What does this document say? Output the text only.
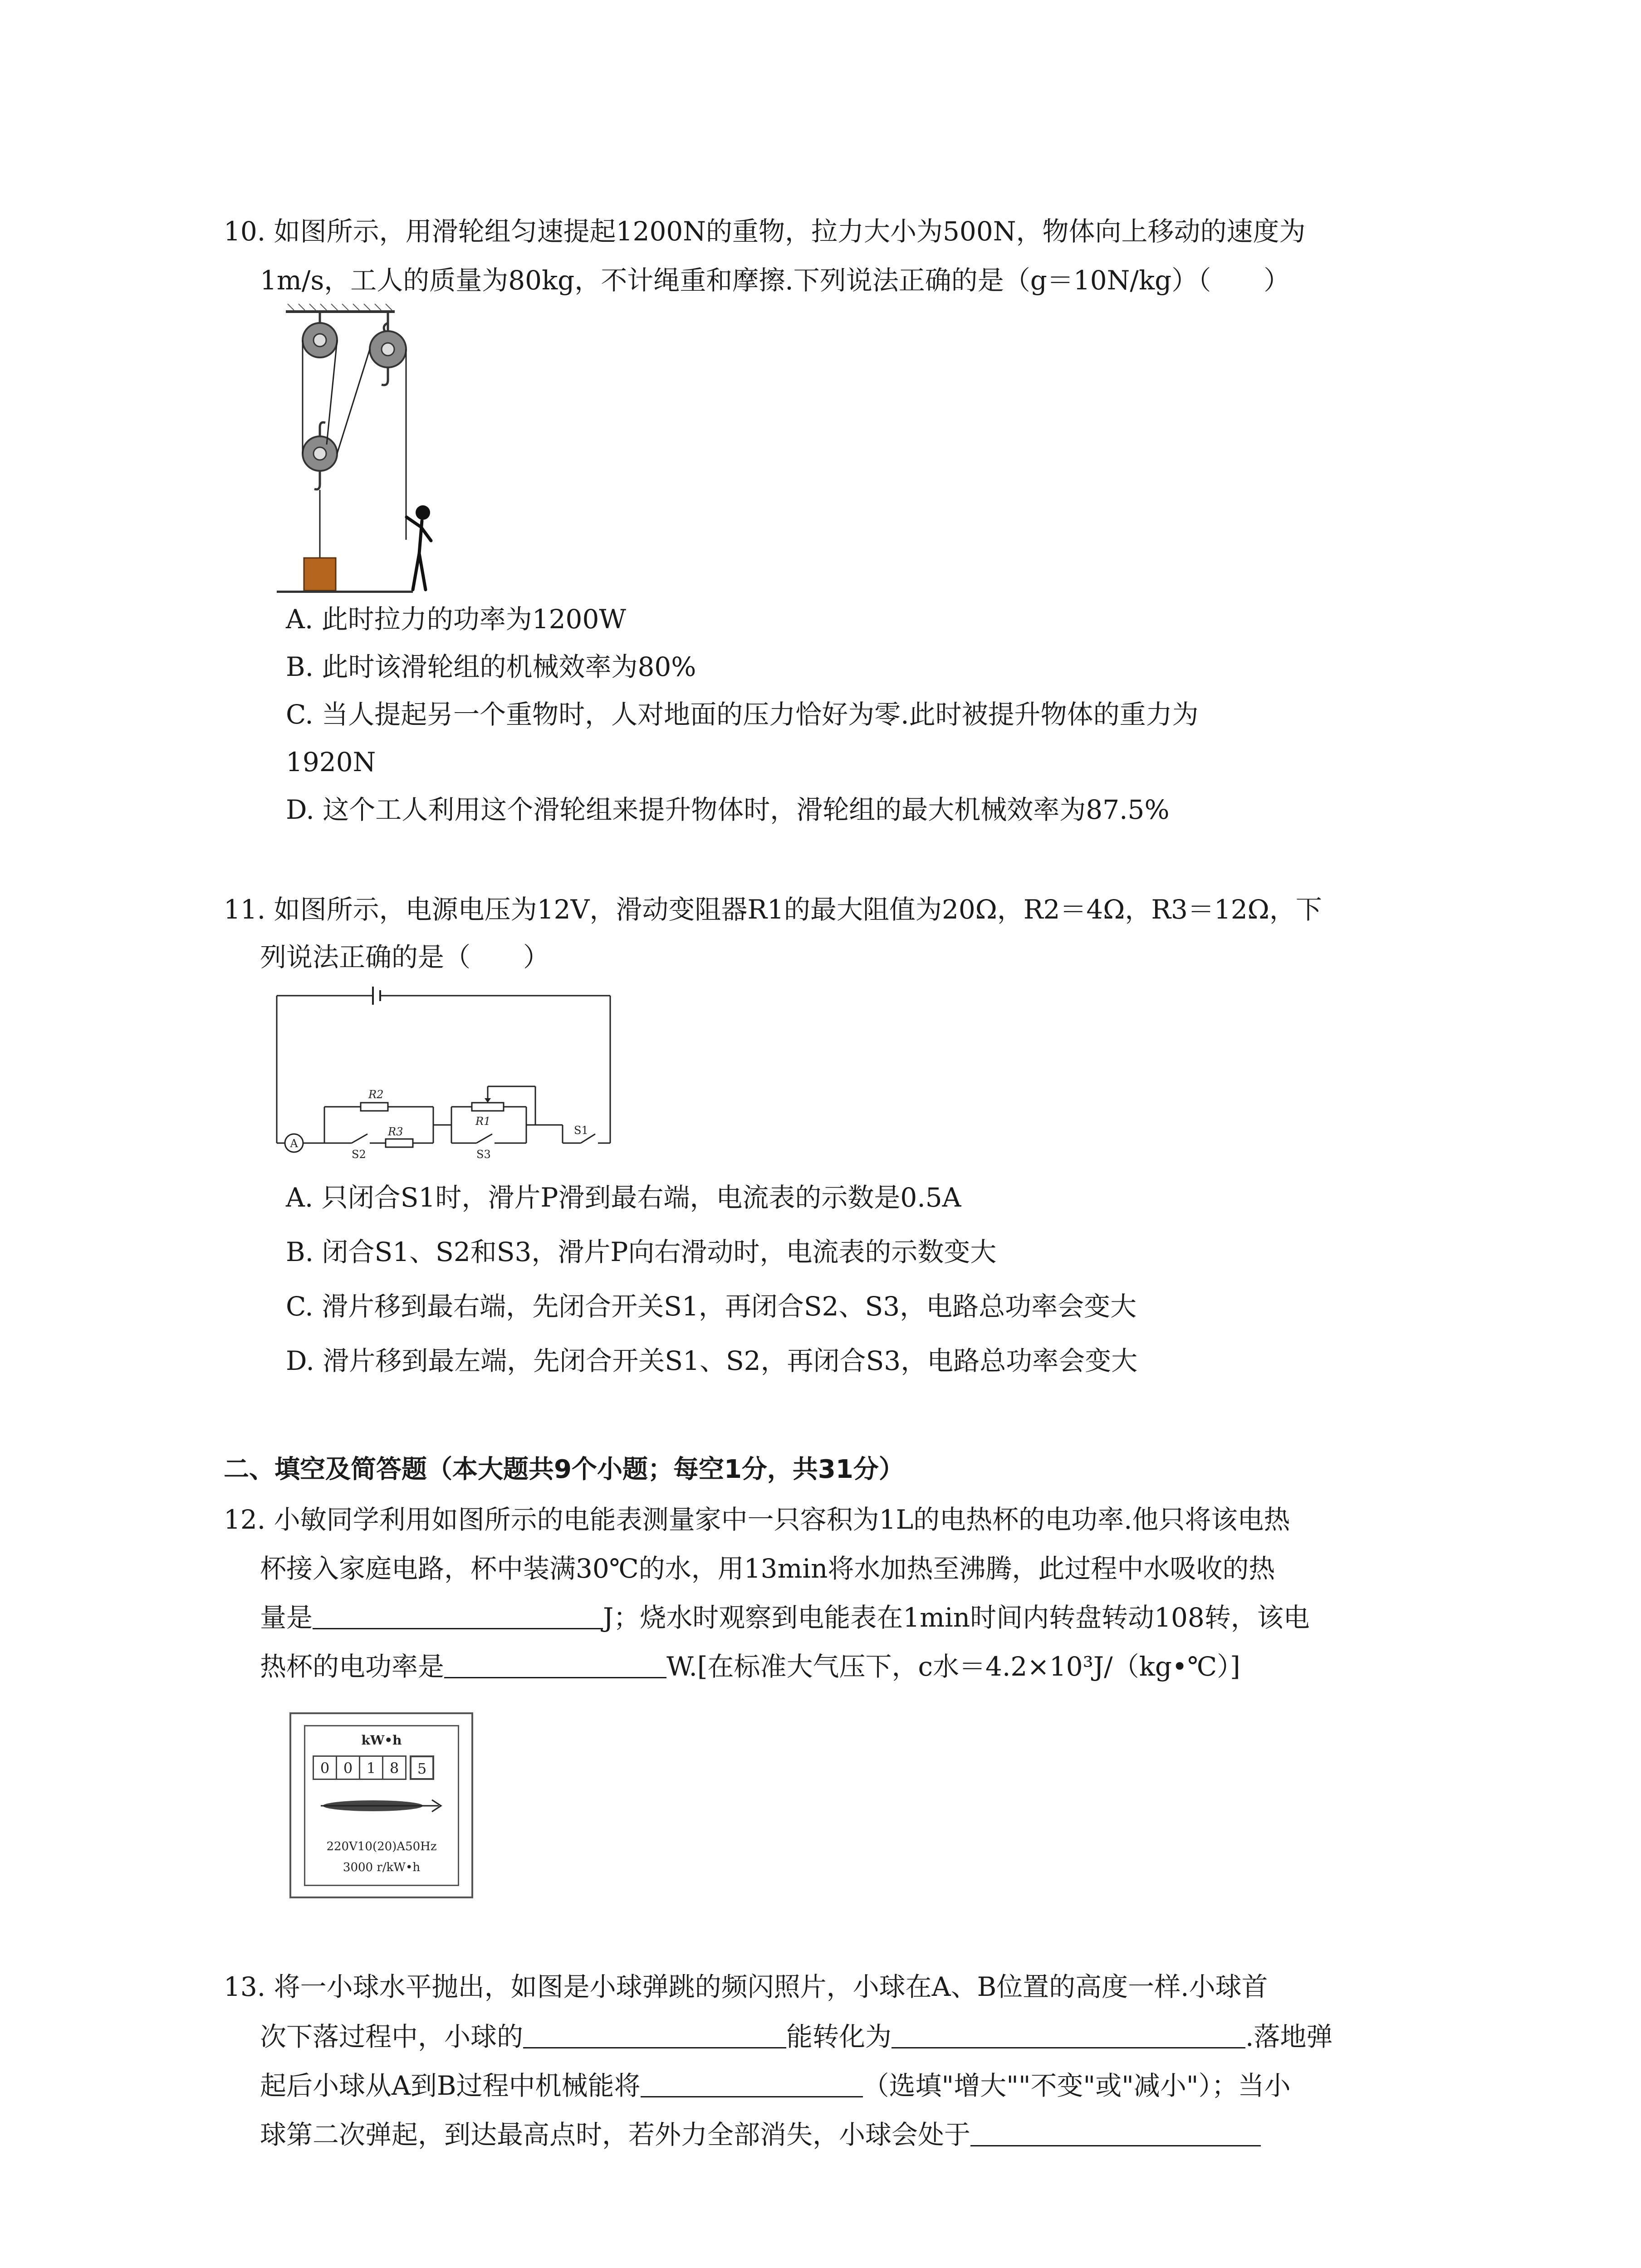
10. 如图所示，用滑轮组匀速提起1200N的重物，拉力大小为500N，物体向上移动的速度为
1m/s，工人的质量为80kg，不计绳重和摩擦.下列说法正确的是（g＝10N/kg）（　　）
A. 此时拉力的功率为1200W
B. 此时该滑轮组的机械效率为80%
C. 当人提起另一个重物时，人对地面的压力恰好为零.此时被提升物体的重力为
1920N
D. 这个工人利用这个滑轮组来提升物体时，滑轮组的最大机械效率为87.5%
11. 如图所示，电源电压为12V，滑动变阻器R1的最大阻值为20Ω，R2＝4Ω，R3＝12Ω，下
列说法正确的是（　　）
A
R2
R1
R3
S2	S3
S1
A. 只闭合S1时，滑片P滑到最右端，电流表的示数是0.5A
B. 闭合S1、S2和S3，滑片P向右滑动时，电流表的示数变大
C. 滑片移到最右端，先闭合开关S1，再闭合S2、S3，电路总功率会变大
D. 滑片移到最左端，先闭合开关S1、S2，再闭合S3，电路总功率会变大
二、填空及简答题（本大题共9个小题；每空1分，共31分）
12. 小敏同学利用如图所示的电能表测量家中一只容积为1L的电热杯的电功率.他只将该电热
杯接入家庭电路，杯中装满30℃的水，用13min将水加热至沸腾，此过程中水吸收的热
量是	J；烧水时观察到电能表在1min时间内转盘转动108转，该电
热杯的电功率是	W.[在标准大气压下，c水＝4.2×10³J/（kg•℃）]
kW•h
0 0 1 8	5
220V10(20)A50Hz
3000 r/kW•h
13. 将一小球水平抛出，如图是小球弹跳的频闪照片，小球在A、B位置的高度一样.小球首
次下落过程中，小球的	能转化为	.落地弹
起后小球从A到B过程中机械能将	（选填"增大""不变"或"减小"）；当小
球第二次弹起，到达最高点时，若外力全部消失，小球会处于
